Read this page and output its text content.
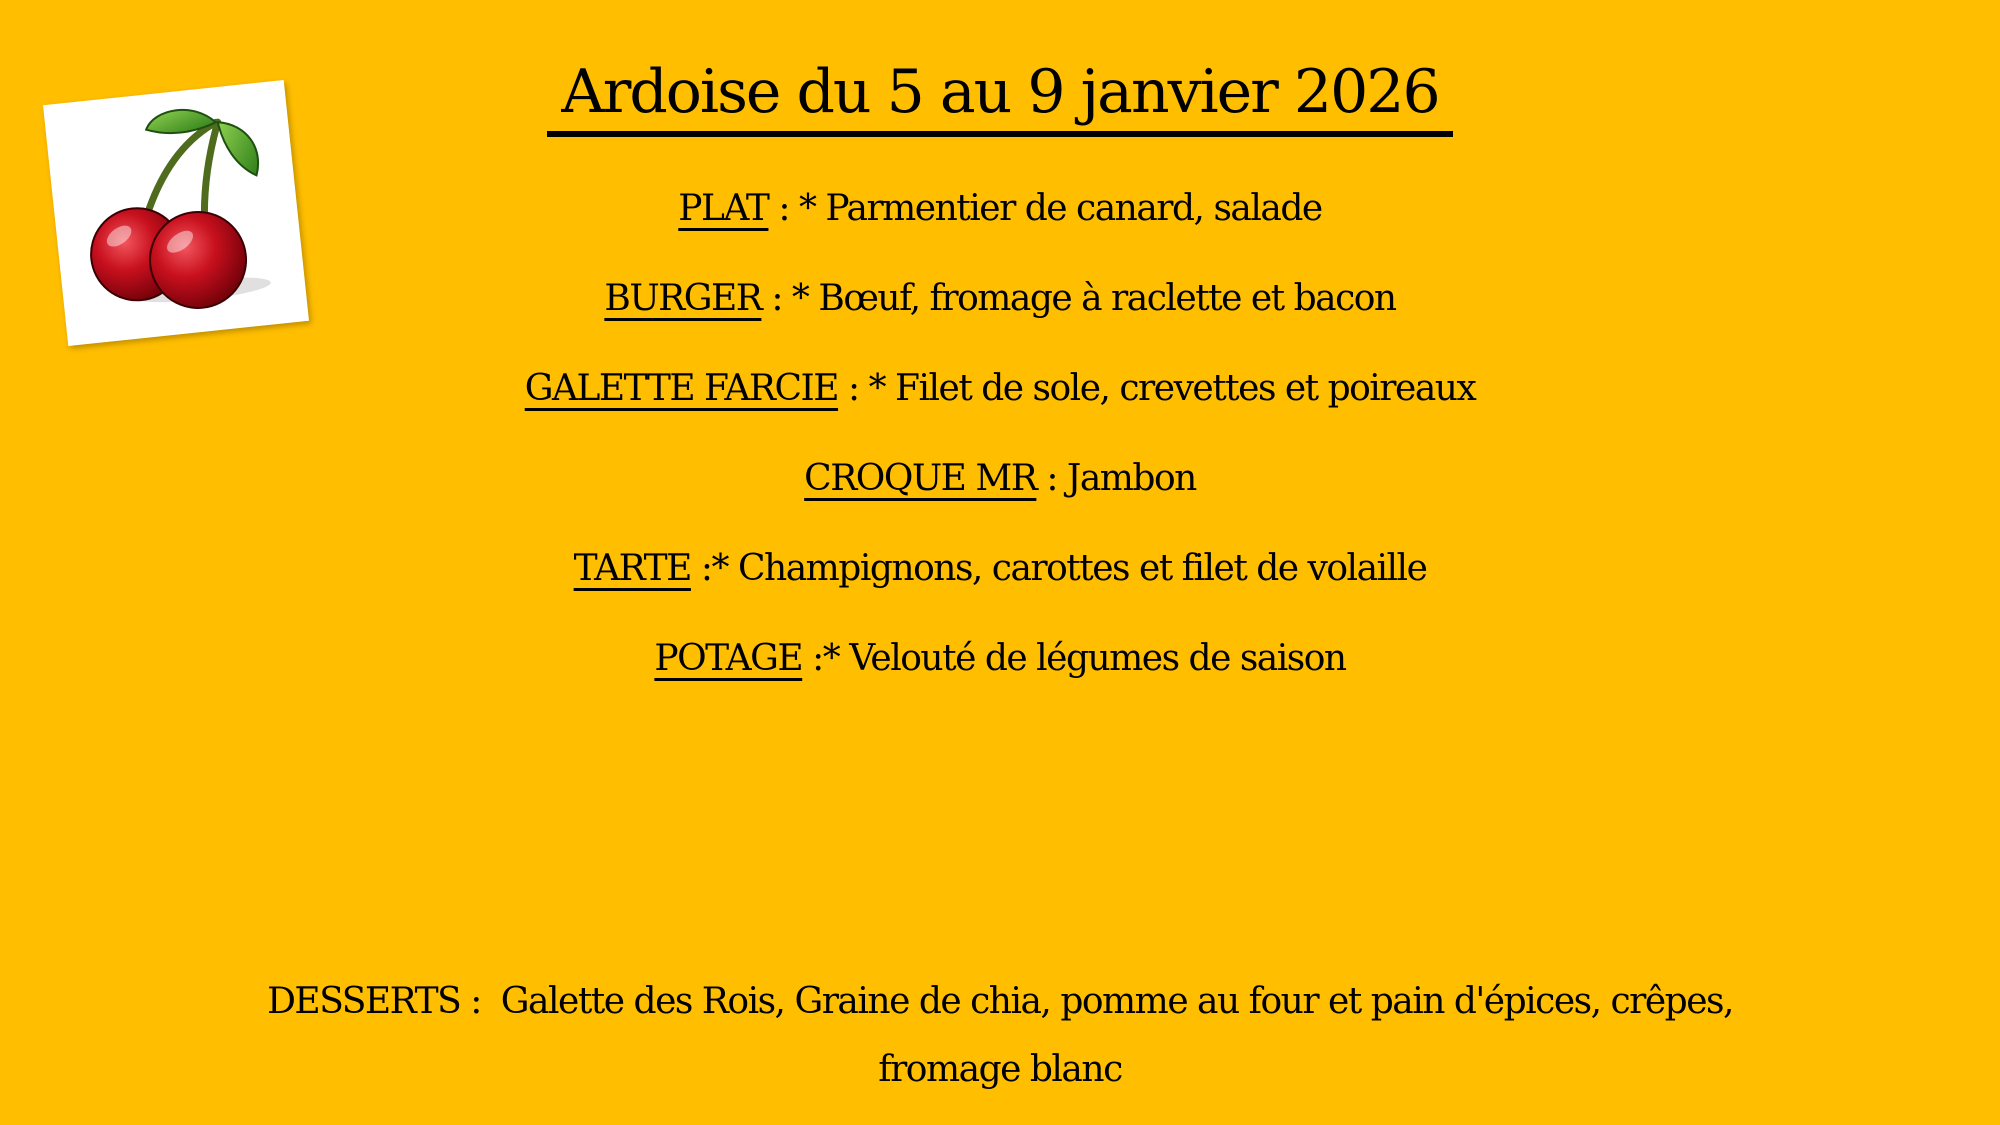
Ardoise du 5 au 9 janvier 2026
PLAT : * Parmentier de canard, salade
BURGER : * Bœuf, fromage à raclette et bacon
GALETTE FARCIE : * Filet de sole, crevettes et poireaux
CROQUE MR : Jambon
TARTE : * Champignons, carottes et filet de volaille
POTAGE : * Velouté de légumes de saison
DESSERTS : Galette des Rois, Graine de chia, pomme au four et pain d'épices, crêpes, fromage blanc
